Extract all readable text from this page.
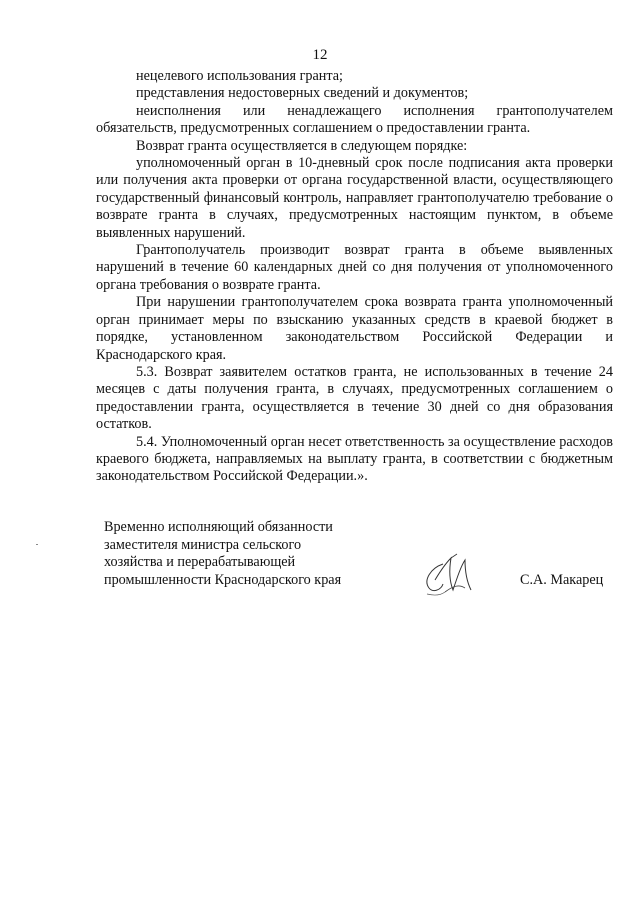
12

нецелевого использования гранта;

представления недостоверных сведений и документов;

неисполнения или ненадлежащего исполнения грантополучателем обязательств, предусмотренных соглашением о предоставлении гранта.

Возврат гранта осуществляется в следующем порядке:

уполномоченный орган в 10-дневный срок после подписания акта проверки или получения акта проверки от органа государственной власти, осуществляющего государственный финансовый контроль, направляет грантополучателю требование о возврате гранта в случаях, предусмотренных настоящим пунктом, в объеме выявленных нарушений.

Грантополучатель производит возврат гранта в объеме выявленных нарушений в течение 60 календарных дней со дня получения от уполномоченного органа требования о возврате гранта.

При нарушении грантополучателем срока возврата гранта уполномоченный орган принимает меры по взысканию указанных средств в краевой бюджет в порядке, установленном законодательством Российской Федерации и Краснодарского края.

5.3. Возврат заявителем остатков гранта, не использованных в течение 24 месяцев с даты получения гранта, в случаях, предусмотренных соглашением о предоставлении гранта, осуществляется в течение 30 дней со дня образования остатков.

5.4. Уполномоченный орган несет ответственность за осуществление расходов краевого бюджета, направляемых на выплату гранта, в соответствии с бюджетным законодательством Российской Федерации.».

Временно исполняющий обязанности
заместителя министра сельского
хозяйства и перерабатывающей
промышленности Краснодарского края	С.А. Макарец
